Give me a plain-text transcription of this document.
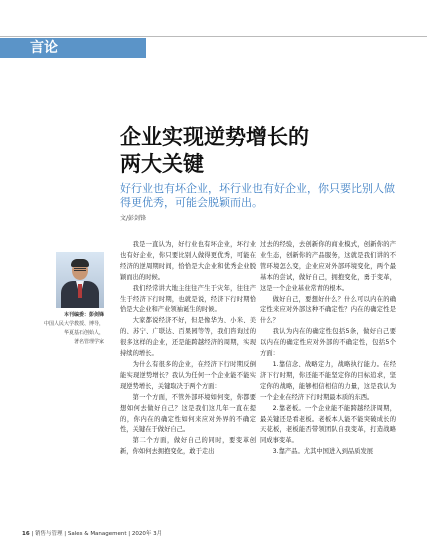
言论
企业实现逆势增长的
两大关键
好行业也有坏企业，坏行业也有好企业，你只要比别人做得更优秀，可能会脱颖而出。
文/彭剑锋
本刊编委：彭剑锋
中国人民大学教授、博导，
华夏基石创始人，
著名管理学家

我是一直认为，好行业也有坏企业，坏行业也有好企业，你只要比别人做得更优秀，可能在经济的逆周期时间，恰恰是大企业和优秀企业脱颖而出的时候。

我们经常讲大地主往往产生于灾年，往往产生于经济下行时期，也就是说，经济下行时期恰恰是大企业和产业领袖诞生的时候。

大家都说经济不好，但是像华为、小米、美的、苏宁、广联达、百果园等等，我们咨询过的很多这样的企业，还是能跨越经济的周期，实现持续的增长。

为什么有很多的企业，在经济下行时期反倒能实现逆势增长？我认为任何一个企业能不能实现逆势增长，关键取决于两个方面：

第一个方面，不管外部环境如何变，你都要想如何去做好自己？这是我们这几年一直在提的，你内在的确定性如何来应对外界的不确定性，关键在于做好自己。

第二个方面，做好自己的同时，要变革创新，你如何去拥抱变化，敢于走出

过去的经验，去创新你的商业模式，创新你的产业生态，创新你的产品服务，这就是我们讲的不管环境怎么变，企业应对外部环境变化，两个最基本的尝试，做好自己，拥抱变化，勇于变革，这是一个企业基业常青的根本。

做好自己，要想好什么？什么可以内在的确定性来应对外部这种不确定性？内在的确定性是什么？

我认为内在的确定性包括5条，做好自己要以内在的确定性应对外部的不确定性，包括5个方面：

1.靠信念、战略定力，战略执行能力。在经济下行时期，你还能不能坚定你的目标追求，坚定你的战略，能够相信相信的力量，这是我认为一个企业在经济下行时期最本质的东西。

2.靠老板。一个企业能不能跨越经济周期，最关键还是看老板。老板本人能不能突破成长的天花板，老板能否带领团队自我变革，打造战略同成事变革。

3.靠产品。尤其中国进入到品质发展

16 | 销售与管理 | Sales & Management | 2020年 3月
